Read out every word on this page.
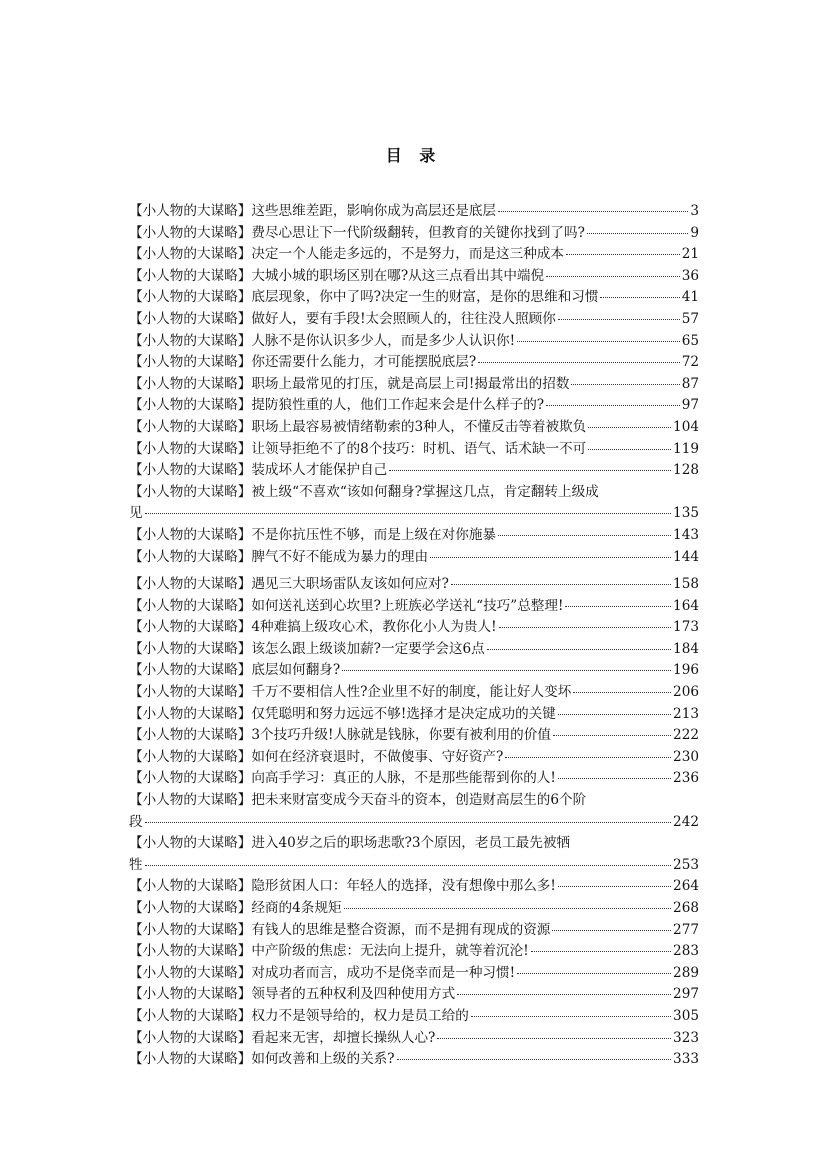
目 录
【小人物的大谋略】 这些思维差距，影响你成为高层还是底层	3
【小人物的大谋略】 费尽心思让下一代阶级翻转，但教育的关键你找到了吗?	9
【小人物的大谋略】 决定一个人能走多远的，不是努力，而是这三种成本	21
【小人物的大谋略】 大城小城的职场区别在哪?从这三点看出其中端倪	36
【小人物的大谋略】 底层现象，你中了吗?决定一生的财富，是你的思维和习惯	41
【小人物的大谋略】 做好人，要有手段!太会照顾人的，往往没人照顾你	57
【小人物的大谋略】 人脉不是你认识多少人，而是多少人认识你!	65
【小人物的大谋略】 你还需要什么能力，才可能摆脱底层?	72
【小人物的大谋略】 职场上最常见的打压，就是高层上司!揭最常出的招数	87
【小人物的大谋略】 提防狼性重的人，他们工作起来会是什么样子的?	97
【小人物的大谋略】 职场上最容易被情绪勒索的3种人，不懂反击等着被欺负	104
【小人物的大谋略】 让领导拒绝不了的8个技巧：时机、语气、话术缺一不可	119
【小人物的大谋略】 装成坏人才能保护自己	128
【小人物的大谋略】被上级“不喜欢“该如何翻身?掌握这几点，肯定翻转上级成
见	135
【小人物的大谋略】 不是你抗压性不够，而是上级在对你施暴	143
【小人物的大谋略】 脾气不好不能成为暴力的理由	144
【小人物的大谋略】 遇见三大职场雷队友该如何应对?	158
【小人物的大谋略】 如何送礼送到心坎里?上班族必学送礼“技巧”总整理!	164
【小人物的大谋略】 4种难搞上级攻心术，教你化小人为贵人!	173
【小人物的大谋略】 该怎么跟上级谈加薪?一定要学会这6点	184
【小人物的大谋略】 底层如何翻身?	196
【小人物的大谋略】 千万不要相信人性?企业里不好的制度，能让好人变坏	206
【小人物的大谋略】 仅凭聪明和努力远远不够!选择才是决定成功的关键	213
【小人物的大谋略】 3个技巧升级!人脉就是钱脉，你要有被利用的价值	222
【小人物的大谋略】 如何在经济衰退时，不做傻事、守好资产?	230
【小人物的大谋略】 向高手学习：真正的人脉，不是那些能帮到你的人!	236
【小人物的大谋略】把未来财富变成今天奋斗的资本，创造财高层生的6个阶
段	242
【小人物的大谋略】进入40岁之后的职场悲歌?3个原因，老员工最先被牺
牲	253
【小人物的大谋略】 隐形贫困人口：年轻人的选择，没有想像中那么多!	264
【小人物的大谋略】 经商的4条规矩	268
【小人物的大谋略】 有钱人的思维是整合资源，而不是拥有现成的资源	277
【小人物的大谋略】 中产阶级的焦虑：无法向上提升，就等着沉沦!	283
【小人物的大谋略】 对成功者而言，成功不是侥幸而是一种习惯!	289
【小人物的大谋略】 领导者的五种权利及四种使用方式	297
【小人物的大谋略】 权力不是领导给的，权力是员工给的	305
【小人物的大谋略】 看起来无害，却擅长操纵人心?	323
【小人物的大谋略】 如何改善和上级的关系?	333
